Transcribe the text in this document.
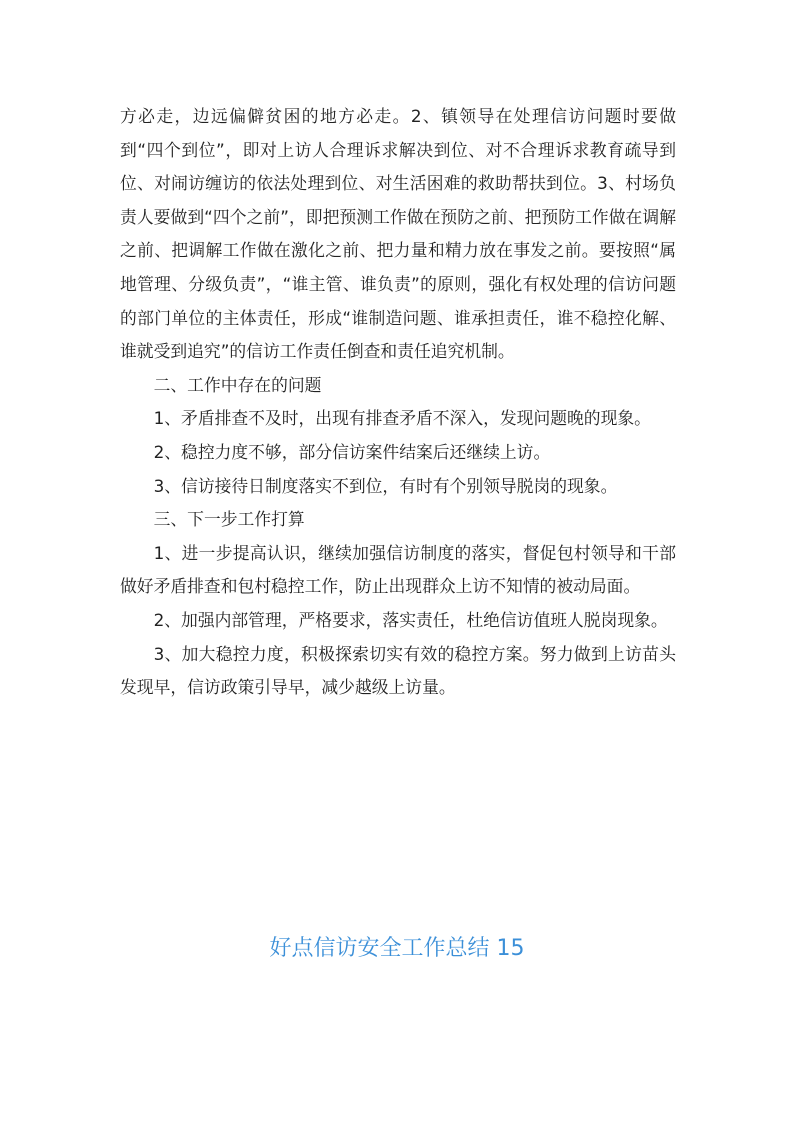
方必走，边远偏僻贫困的地方必走。2、镇领导在处理信访问题时要做到“四个到位”，即对上访人合理诉求解决到位、对不合理诉求教育疏导到位、对闹访缠访的依法处理到位、对生活困难的救助帮扶到位。3、村场负责人要做到“四个之前”，即把预测工作做在预防之前、把预防工作做在调解之前、把调解工作做在激化之前、把力量和精力放在事发之前。要按照“属地管理、分级负责”，“谁主管、谁负责”的原则，强化有权处理的信访问题的部门单位的主体责任，形成“谁制造问题、谁承担责任，谁不稳控化解、谁就受到追究”的信访工作责任倒查和责任追究机制。

二、工作中存在的问题

1、矛盾排查不及时，出现有排查矛盾不深入，发现问题晚的现象。

2、稳控力度不够，部分信访案件结案后还继续上访。

3、信访接待日制度落实不到位，有时有个别领导脱岗的现象。

三、下一步工作打算

1、进一步提高认识，继续加强信访制度的落实，督促包村领导和干部做好矛盾排查和包村稳控工作，防止出现群众上访不知情的被动局面。

2、加强内部管理，严格要求，落实责任，杜绝信访值班人脱岗现象。

3、加大稳控力度，积极探索切实有效的稳控方案。努力做到上访苗头发现早，信访政策引导早，减少越级上访量。

好点信访安全工作总结 15
